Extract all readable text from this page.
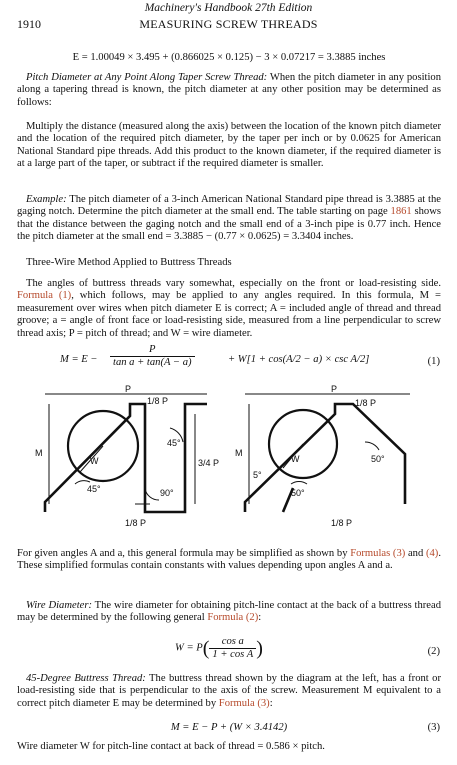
Machinery's Handbook 27th Edition
1910	MEASURING SCREW THREADS
E = 1.00049 × 3.495 + (0.866025 × 0.125) − 3 × 0.07217 = 3.3885 inches

Pitch Diameter at Any Point Along Taper Screw Thread: When the pitch diameter in any position along a tapering thread is known, the pitch diameter at any other position may be determined as follows:

Multiply the distance (measured along the axis) between the location of the known pitch diameter and the location of the required pitch diameter, by the taper per inch or by 0.0625 for American National Standard pipe threads. Add this product to the known diameter, if the required diameter is at a large part of the taper, or subtract if the required diameter is smaller.

Example: The pitch diameter of a 3-inch American National Standard pipe thread is 3.3885 at the gaging notch. Determine the pitch diameter at the small end. The table starting on page 1861 shows that the distance between the gaging notch and the small end of a 3-inch pipe is 0.77 inch. Hence the pitch diameter at the small end = 3.3885 − (0.77 × 0.0625) = 3.3404 inches.

Three-Wire Method Applied to Buttress Threads

The angles of buttress threads vary somewhat, especially on the front or load-resisting side. Formula (1), which follows, may be applied to any angles required. In this formula, M = measurement over wires when pitch diameter E is correct; A = included angle of thread and thread groove; a = angle of front face or load-resisting side, measured from a line perpendicular to screw thread axis; P = pitch of thread; and W = wire diameter.

$M = E - \frac{P}{\text{tan a + tan(A − a)}}$	+ W[1 + cos(A/2 − a) × csc A/2]	(1)
P
1/8 P
W
45°
3/4 P
M
45°	90°
1/8 P
P
1/8 P
W	50°
M
5°
50°
1/8 P

For given angles A and a, this general formula may be simplified as shown by Formulas (3) and (4). These simplified formulas contain constants with values depending upon angles A and a.

Wire Diameter: The wire diameter for obtaining pitch-line contact at the back of a buttress thread may be determined by the following general Formula (2):

$W = P( \frac{\text{cos a}}{\text{1 + cos A}}$ )	(2)

45-Degree Buttress Thread: The buttress thread shown by the diagram at the left, has a front or load-resisting side that is perpendicular to the axis of the screw. Measurement M equivalent to a correct pitch diameter E may be determined by Formula (3):

M = E − P + (W × 3.4142)	(3)

Wire diameter W for pitch-line contact at back of thread = 0.586 × pitch.
